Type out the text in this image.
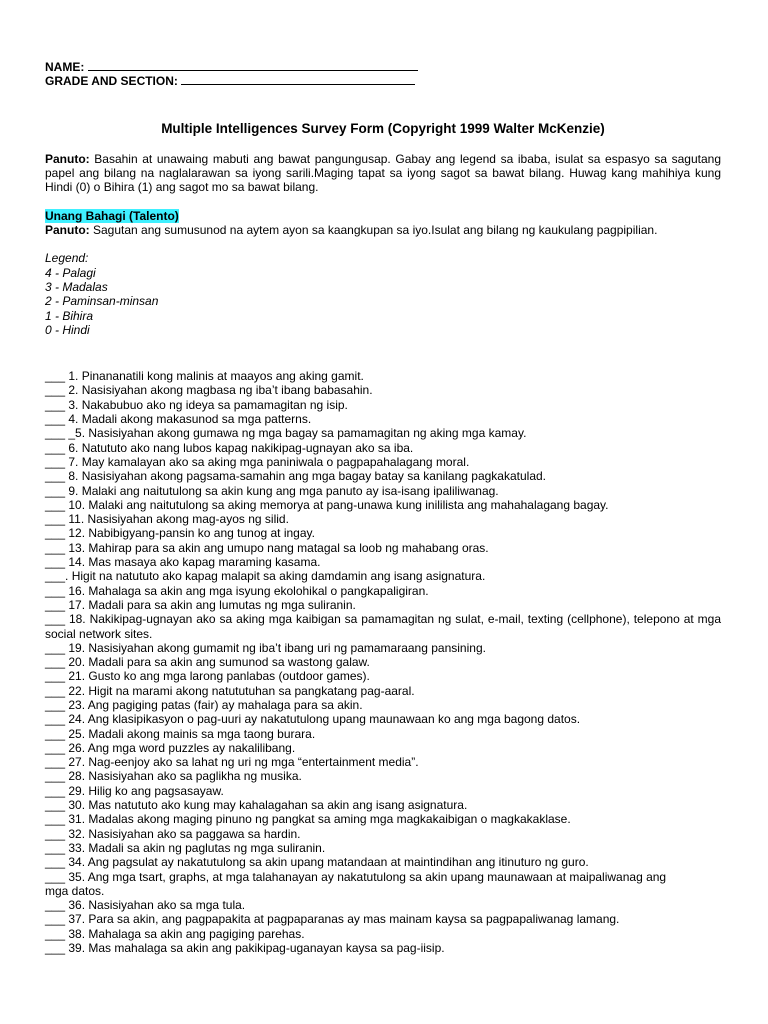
NAME:
GRADE AND SECTION:
Multiple Intelligences Survey Form (Copyright 1999 Walter McKenzie)
Panuto: Basahin at unawaing mabuti ang bawat pangungusap. Gabay ang legend sa ibaba, isulat sa espasyo sa sagutang papel ang bilang na naglalarawan sa iyong sarili.Maging tapat sa iyong sagot sa bawat bilang. Huwag kang mahihiya kung Hindi (0) o Bihira (1) ang sagot mo sa bawat bilang.
Unang Bahagi (Talento)
Panuto: Sagutan ang sumusunod na aytem ayon sa kaangkupan sa iyo.Isulat ang bilang ng kaukulang pagpipilian.
Legend:
4 - Palagi
3 - Madalas
2 - Paminsan-minsan
1 - Bihira
0 - Hindi
___ 1. Pinananatili kong malinis at maayos ang aking gamit.
___ 2. Nasisiyahan akong magbasa ng iba’t ibang babasahin.
___ 3. Nakabubuo ako ng ideya sa pamamagitan ng isip.
___ 4. Madali akong makasunod sa mga patterns.
___ _5. Nasisiyahan akong gumawa ng mga bagay sa pamamagitan ng aking mga kamay.
___ 6. Natututo ako nang lubos kapag nakikipag-ugnayan ako sa iba.
___ 7. May kamalayan ako sa aking mga paniniwala o pagpapahalagang moral.
___ 8. Nasisiyahan akong pagsama-samahin ang mga bagay batay sa kanilang pagkakatulad.
___ 9. Malaki ang naitutulong sa akin kung ang mga panuto ay isa-isang ipaliliwanag.
___ 10. Malaki ang naitutulong sa aking memorya at pang-unawa kung inililista ang mahahalagang bagay.
___ 11. Nasisiyahan akong mag-ayos ng silid.
___ 12. Nabibigyang-pansin ko ang tunog at ingay.
___ 13. Mahirap para sa akin ang umupo nang matagal sa loob ng mahabang oras.
___ 14. Mas masaya ako kapag maraming kasama.
___. Higit na natututo ako kapag malapit sa aking damdamin ang isang asignatura.
___ 16. Mahalaga sa akin ang mga isyung ekolohikal o pangkapaligiran.
___ 17. Madali para sa akin ang lumutas ng mga suliranin.
___ 18. Nakikipag-ugnayan ako sa aking mga kaibigan sa pamamagitan ng sulat, e-mail, texting (cellphone), telepono at mga social network sites.
___ 19. Nasisiyahan akong gumamit ng iba’t ibang uri ng pamamaraang pansining.
___ 20. Madali para sa akin ang sumunod sa wastong galaw.
___ 21. Gusto ko ang mga larong panlabas (outdoor games).
___ 22. Higit na marami akong natututuhan sa pangkatang pag-aaral.
___ 23. Ang pagiging patas (fair) ay mahalaga para sa akin.
___ 24. Ang klasipikasyon o pag-uuri ay nakatutulong upang maunawaan ko ang mga bagong datos.
___ 25. Madali akong mainis sa mga taong burara.
___ 26. Ang mga word puzzles ay nakalilibang.
___ 27. Nag-eenjoy ako sa lahat ng uri ng mga “entertainment media”.
___ 28. Nasisiyahan ako sa paglikha ng musika.
___ 29. Hilig ko ang pagsasayaw.
___ 30. Mas natututo ako kung may kahalagahan sa akin ang isang asignatura.
___ 31. Madalas akong maging pinuno ng pangkat sa aming mga magkakaibigan o magkakaklase.
___ 32. Nasisiyahan ako sa paggawa sa hardin.
___ 33. Madali sa akin ng paglutas ng mga suliranin.
___ 34. Ang pagsulat ay nakatutulong sa akin upang matandaan at maintindihan ang itinuturo ng guro.
___ 35. Ang mga tsart, graphs, at mga talahanayan ay nakatutulong sa akin upang maunawaan at maipaliwanag ang
mga datos.
___ 36. Nasisiyahan ako sa mga tula.
___ 37. Para sa akin, ang pagpapakita at pagpaparanas ay mas mainam kaysa sa pagpapaliwanag lamang.
___ 38. Mahalaga sa akin ang pagiging parehas.
___ 39. Mas mahalaga sa akin ang pakikipag-uganayan kaysa sa pag-iisip.
